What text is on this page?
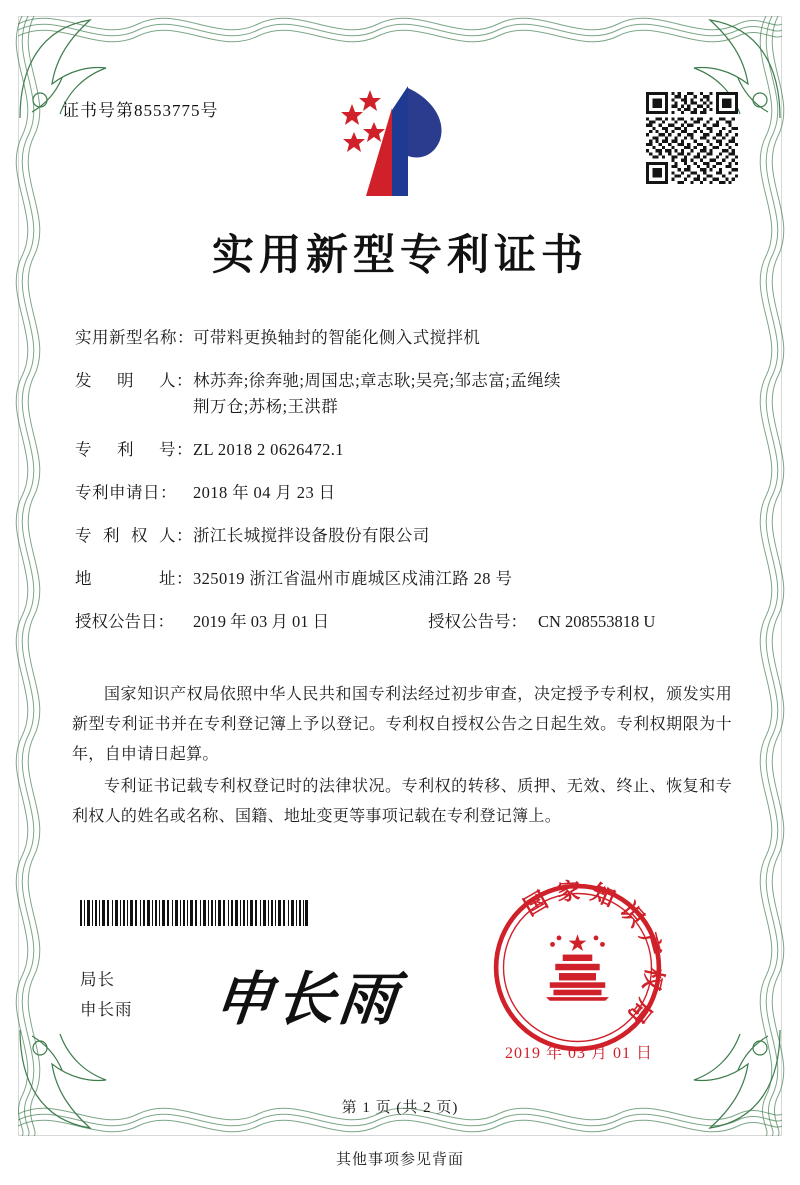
证书号第8553775号
实用新型专利证书
实用新型名称： 可带料更换轴封的智能化侧入式搅拌机
发 明 人： 林苏奔;徐奔驰;周国忠;章志耿;吴亮;邹志富;孟绳续
荆万仓;苏杨;王洪群
专 利 号： ZL 2018 2 0626472.1
专利申请日： 2018 年 04 月 23 日
专 利 权 人： 浙江长城搅拌设备股份有限公司
地	址： 325019 浙江省温州市鹿城区戍浦江路 28 号
授权公告日：	2019 年 03 月 01 日	授权公告号： CN 208553818 U

国家知识产权局依照中华人民共和国专利法经过初步审查，决定授予专利权，颁发实用新型专利证书并在专利登记簿上予以登记。专利权自授权公告之日起生效。专利权期限为十年，自申请日起算。

专利证书记载专利权登记时的法律状况。专利权的转移、质押、无效、终止、恢复和专利权人的姓名或名称、国籍、地址变更等事项记载在专利登记簿上。

局长
申长雨 申长雨
国家知识产权局
2019 年 03 月 01 日
第 1 页 (共 2 页)
其他事项参见背面
